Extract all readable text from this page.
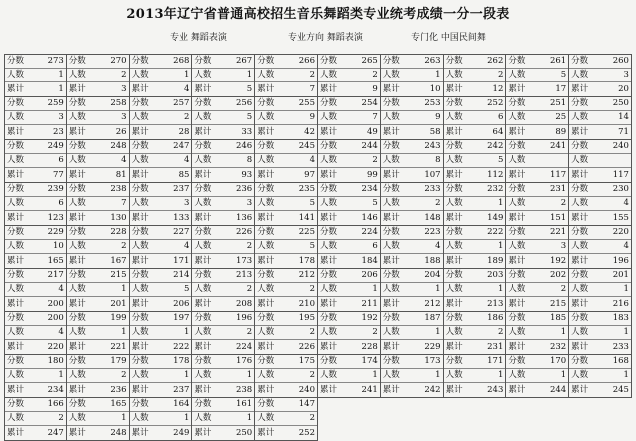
2013年辽宁省普通高校招生音乐舞蹈类专业统考成绩一分一段表
专业 舞蹈表演	专业方向 舞蹈表演	专门化 中国民间舞
分数	273
人数	1
累计	1
分数	270
人数	2
累计	3
分数	268
人数	1
累计	4
分数	267
人数	1
累计	5
分数	266
人数	2
累计	7
分数	265
人数	2
累计	9
分数	263
人数	1
累计	10
分数	262
人数	2
累计	12
分数	261
人数	5
累计	17
分数	260
人数	3
累计	20
分数	259
人数	3
累计	23
分数	258
人数	3
累计	26
分数	257
人数	2
累计	28
分数	256
人数	5
累计	33
分数	255
人数	9
累计	42
分数	254
人数	7
累计	49
分数	253
人数	9
累计	58
分数	252
人数	6
累计	64
分数	251
人数	25
累计	89
分数	250
人数	14
累计	71
分数	249
人数	6
累计	77
分数	248
人数	4
累计	81
分数	247
人数	4
累计	85
分数	246
人数	8
累计	93
分数	245
人数	4
累计	97
分数	244
人数	2
累计	99
分数	243
人数	8
累计	107
分数	242
人数	5
累计	112
分数	241
人数
累计	117
分数	240
人数
累计	117
分数	239
人数	6
累计	123
分数	238
人数	7
累计	130
分数	237
人数	3
累计	133
分数	236
人数	3
累计	136
分数	235
人数	5
累计	141
分数	234
人数	5
累计	146
分数	233
人数	2
累计	148
分数	232
人数	1
累计	149
分数	231
人数	2
累计	151
分数	230
人数	4
累计	155
分数	229
人数	10
累计	165
分数	228
人数	2
累计	167
分数	227
人数	4
累计	171
分数	226
人数	2
累计	173
分数	225
人数	5
累计	178
分数	224
人数	6
累计	184
分数	223
人数	4
累计	188
分数	222
人数	1
累计	189
分数	221
人数	3
累计	192
分数	220
人数	4
累计	196
分数	217
人数	4
累计	200
分数	215
人数	1
累计	201
分数	214
人数	5
累计	206
分数	213
人数	2
累计	208
分数	212
人数	2
累计	210
分数	206
人数	1
累计	211
分数	204
人数	1
累计	212
分数	203
人数	1
累计	213
分数	202
人数	2
累计	215
分数	201
人数	1
累计	216
分数	200
人数	4
累计	220
分数	199
人数	1
累计	221
分数	197
人数	1
累计	222
分数	196
人数	2
累计	224
分数	195
人数	2
累计	226
分数	192
人数	2
累计	228
分数	187
人数	1
累计	229
分数	186
人数	2
累计	231
分数	185
人数	1
累计	232
分数	183
人数	1
累计	233
分数	180
人数	1
累计	234
分数	179
人数	2
累计	236
分数	178
人数	1
累计	237
分数	176
人数	1
累计	238
分数	175
人数	2
累计	240
分数	174
人数	1
累计	241
分数	173
人数	1
累计	242
分数	171
人数	1
累计	243
分数	170
人数	1
累计	244
分数	168
人数	1
累计	245
分数	166
人数	2
累计	247
分数	165
人数	1
累计	248
分数	164
人数	1
累计	249
分数	161
人数	1
累计	250
分数	147
人数	2
累计	252
